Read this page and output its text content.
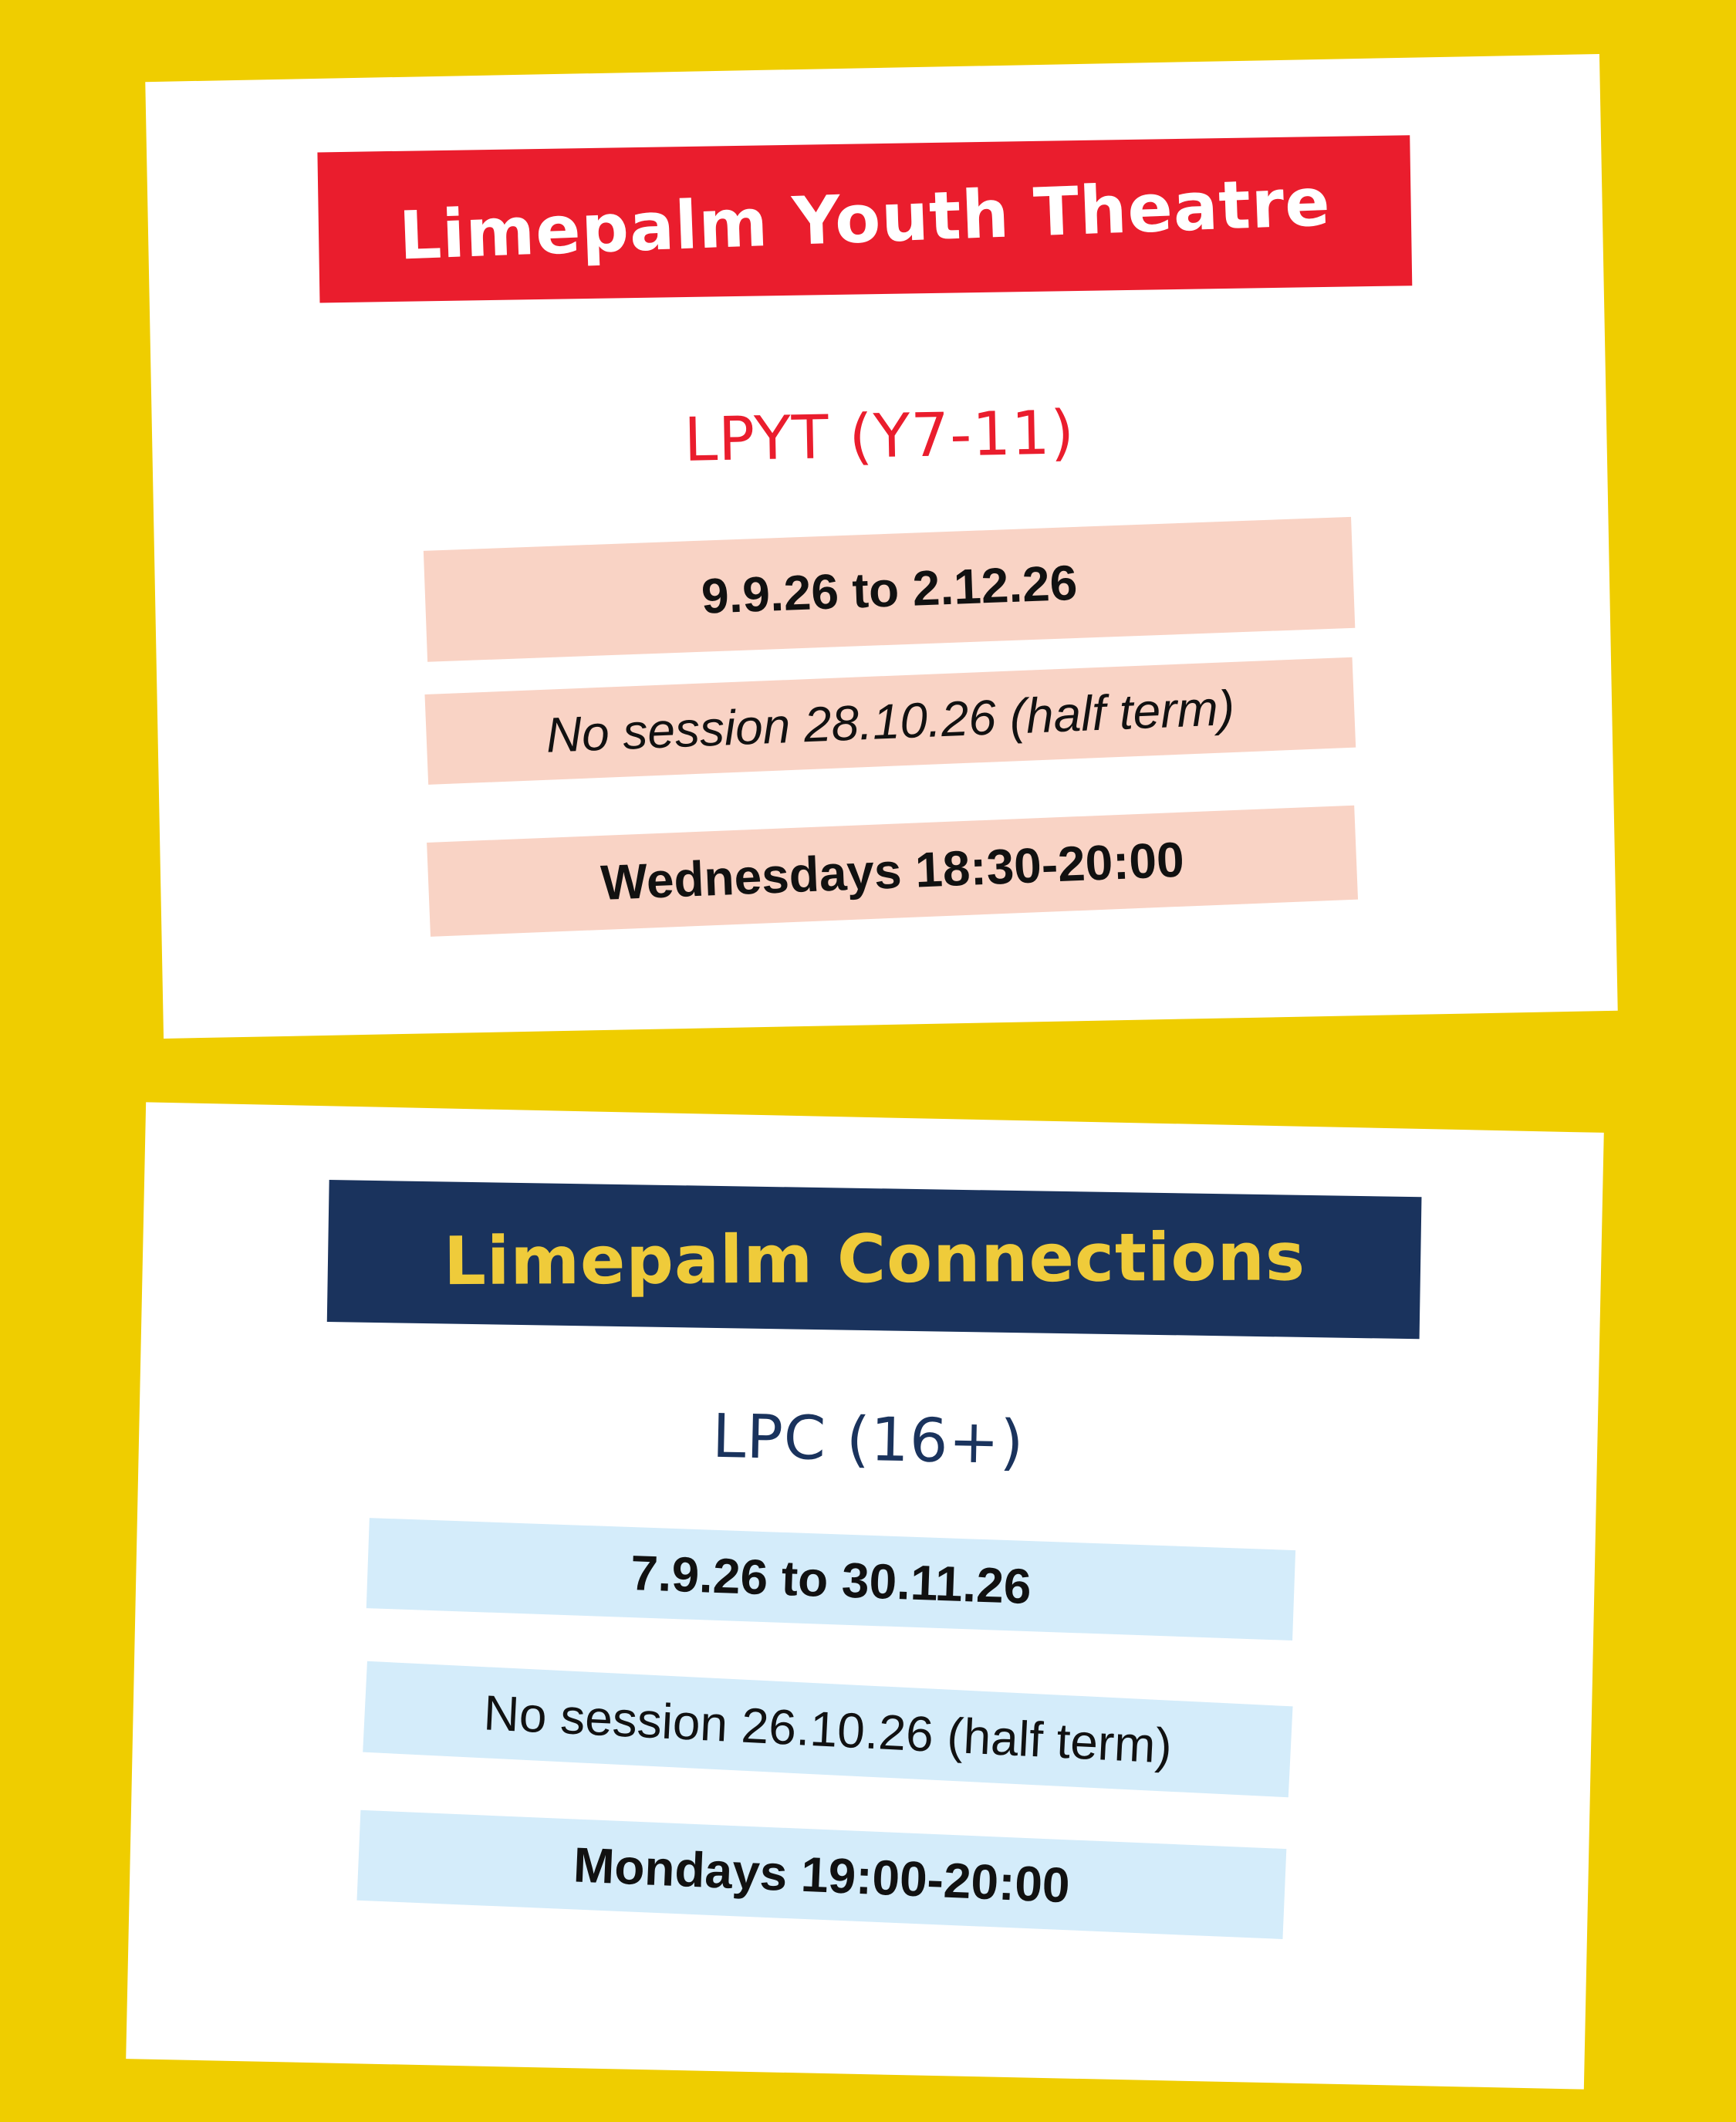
Limepalm Youth Theatre
LPYT (Y7-11)
9.9.26 to 2.12.26
No session 28.10.26 (half term)
Wednesdays 18:30-20:00
Limepalm Connections
LPC (16+)
7.9.26 to 30.11.26
No session 26.10.26 (half term)
Mondays 19:00-20:00
